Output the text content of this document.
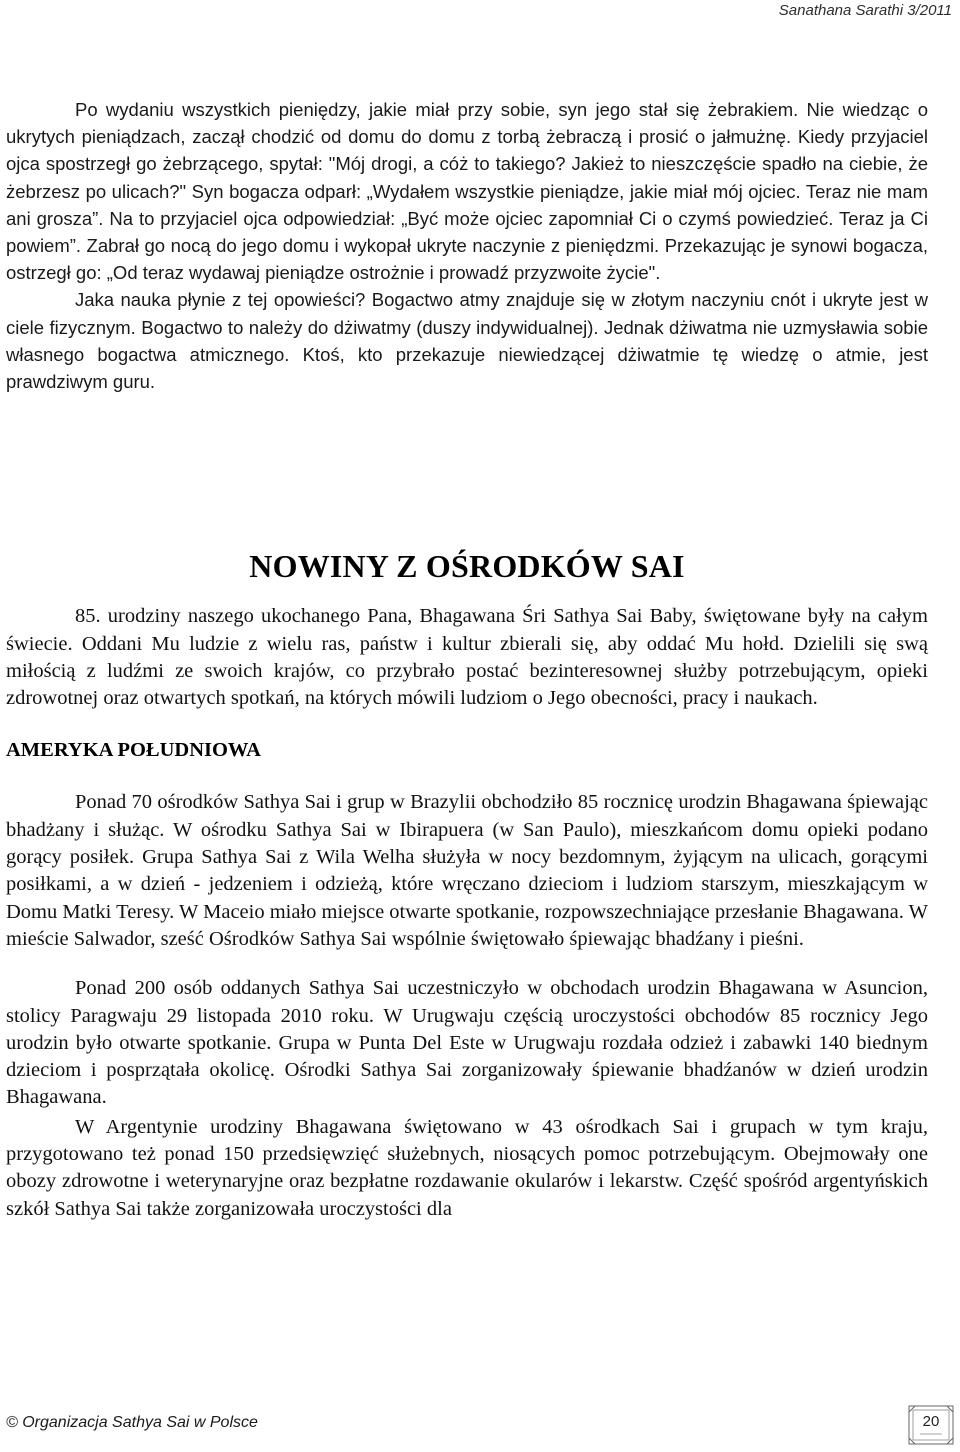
Sanathana Sarathi 3/2011

Po wydaniu wszystkich pieniędzy, jakie miał przy sobie, syn jego stał się żebrakiem. Nie wiedząc o ukrytych pieniądzach, zaczął chodzić od domu do domu z torbą żebraczą i prosić o jałmużnę. Kiedy przyjaciel ojca spostrzegł go żebrzącego, spytał: "Mój drogi, a cóż to takiego? Jakież to nieszczęście spadło na ciebie, że żebrzesz po ulicach?" Syn bogacza odparł: „Wydałem wszystkie pieniądze, jakie miał mój ojciec. Teraz nie mam ani grosza”. Na to przyjaciel ojca odpowiedział: „Być może ojciec zapomniał Ci o czymś powiedzieć. Teraz ja Ci powiem”. Zabrał go nocą do jego domu i wykopał ukryte naczynie z pieniędzmi. Przekazując je synowi bogacza, ostrzegł go: „Od teraz wydawaj pieniądze ostrożnie i prowadź przyzwoite życie".

Jaka nauka płynie z tej opowieści? Bogactwo atmy znajduje się w złotym naczyniu cnót i ukryte jest w ciele fizycznym. Bogactwo to należy do dżiwatmy (duszy indywidualnej). Jednak dżiwatma nie uzmysławia sobie własnego bogactwa atmicznego. Ktoś, kto przekazuje niewiedzącej dżiwatmie tę wiedzę o atmie, jest prawdziwym guru.

NOWINY Z OŚRODKÓW SAI

85. urodziny naszego ukochanego Pana, Bhagawana Śri Sathya Sai Baby, świętowane były na całym świecie. Oddani Mu ludzie z wielu ras, państw i kultur zbierali się, aby oddać Mu hołd. Dzielili się swą miłością z ludźmi ze swoich krajów, co przybrało postać bezinteresownej służby potrzebującym, opieki zdrowotnej oraz otwartych spotkań, na których mówili ludziom o Jego obecności, pracy i naukach.

AMERYKA POŁUDNIOWA

Ponad 70 ośrodków Sathya Sai i grup w Brazylii obchodziło 85 rocznicę urodzin Bhagawana śpiewając bhadżany i służąc. W ośrodku Sathya Sai w Ibirapuera (w San Paulo), mieszkańcom domu opieki podano gorący posiłek. Grupa Sathya Sai z Wila Welha służyła w nocy bezdomnym, żyjącym na ulicach, gorącymi posiłkami, a w dzień - jedzeniem i odzieżą, które wręczano dzieciom i ludziom starszym, mieszkającym w Domu Matki Teresy. W Maceio miało miejsce otwarte spotkanie, rozpowszechniające przesłanie Bhagawana. W mieście Salwador, sześć Ośrodków Sathya Sai wspólnie świętowało śpiewając bhadźany i pieśni.

Ponad 200 osób oddanych Sathya Sai uczestniczyło w obchodach urodzin Bhagawana w Asuncion, stolicy Paragwaju 29 listopada 2010 roku. W Urugwaju częścią uroczystości obchodów 85 rocznicy Jego urodzin było otwarte spotkanie. Grupa w Punta Del Este w Urugwaju rozdała odzież i zabawki 140 biednym dzieciom i posprzątała okolicę. Ośrodki Sathya Sai zorganizowały śpiewanie bhadźanów w dzień urodzin Bhagawana.

W Argentynie urodziny Bhagawana świętowano w 43 ośrodkach Sai i grupach w tym kraju, przygotowano też ponad 150 przedsięwzięć służebnych, niosących pomoc potrzebującym. Obejmowały one obozy zdrowotne i weterynaryjne oraz bezpłatne rozdawanie okularów i lekarstw. Część spośród argentyńskich szkół Sathya Sai także zorganizowała uroczystości dla

© Organizacja Sathya Sai w Polsce	20
